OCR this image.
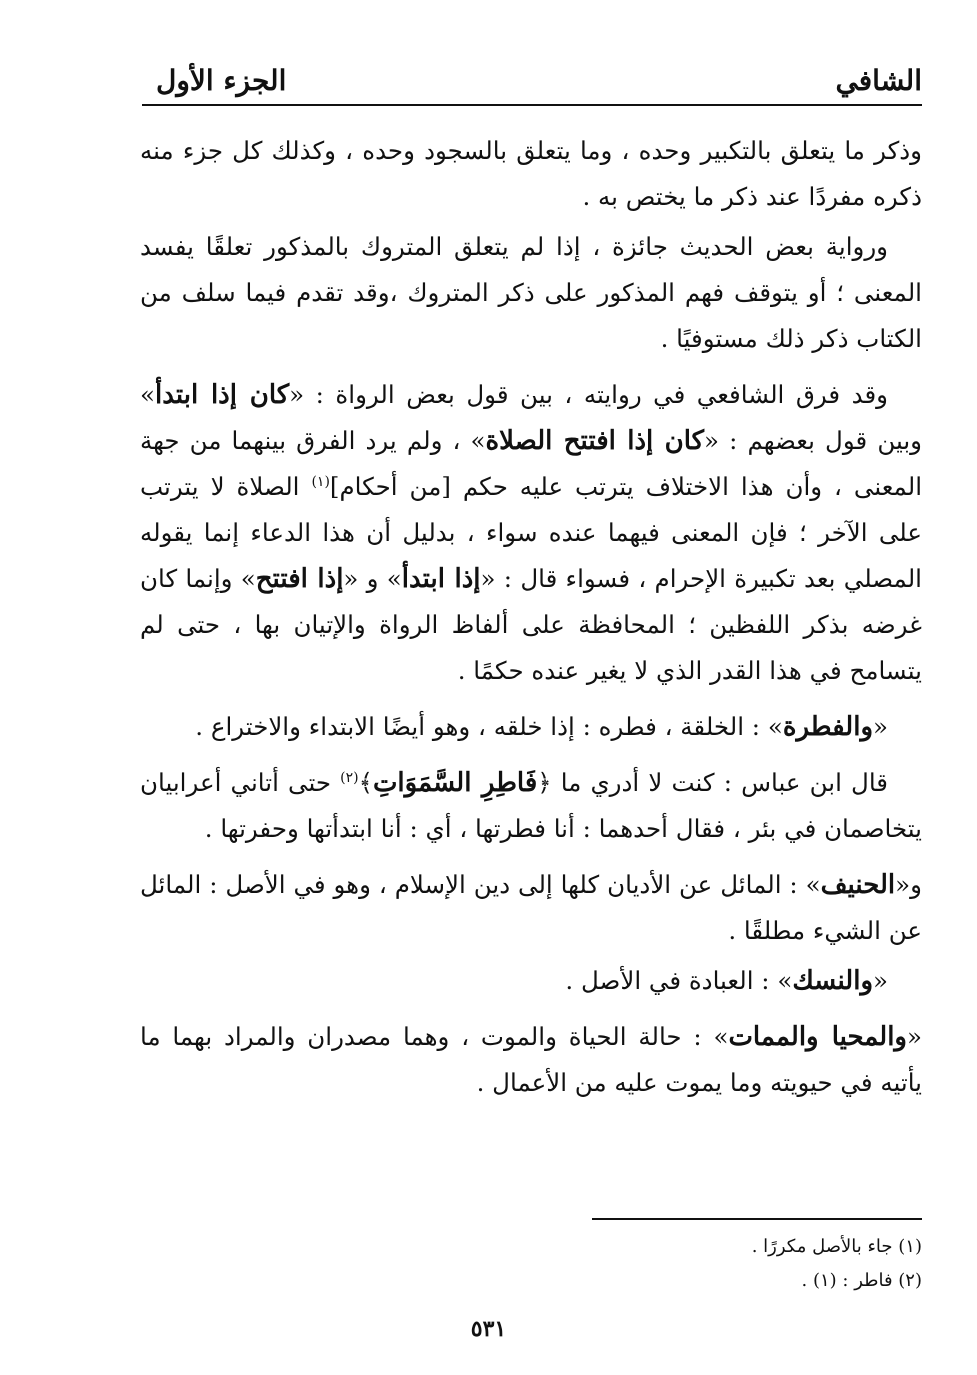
الشافي
الجزء الأول

وذكر ما يتعلق بالتكبير وحده ، وما يتعلق بالسجود وحده ، وكذلك كل جزء منه ذكره مفردًا عند ذكر ما يختص به .

ورواية بعض الحديث جائزة ، إذا لم يتعلق المتروك بالمذكور تعلقًا يفسد المعنى ؛ أو يتوقف فهم المذكور على ذكر المتروك ،وقد تقدم فيما سلف من الكتاب ذكر ذلك مستوفيًا .

وقد فرق الشافعي في روايته ، بين قول بعض الرواة : «كان إذا ابتدأ» وبين قول بعضهم : «كان إذا افتتح الصلاة» ، ولم يرد الفرق بينهما من جهة المعنى ، وأن هذا الاختلاف يترتب عليه حكم [من أحكام]$^{(١)}$ الصلاة لا يترتب على الآخر ؛ فإن المعنى فيهما عنده سواء ، بدليل أن هذا الدعاء إنما يقوله المصلي بعد تكبيرة الإحرام ، فسواء قال : «إذا ابتدأ» و «إذا افتتح» وإنما كان غرضه بذكر اللفظين ؛ المحافظة على ألفاظ الرواة والإتيان بها ، حتى لم يتسامح في هذا القدر الذي لا يغير عنده حكمًا .

«والفطرة» : الخلقة ، فطره : إذا خلقه ، وهو أيضًا الابتداء والاختراع .

قال ابن عباس : كنت لا أدري ما ﴿فَاطِرِ السَّمَوَاتِ﴾$^{(٢)}$ حتى أتاني أعرابيان يتخاصمان في بئر ، فقال أحدهما : أنا فطرتها ، أي : أنا ابتدأتها وحفرتها .

و«الحنيف» : المائل عن الأديان كلها إلى دين الإسلام ، وهو في الأصل : المائل عن الشيء مطلقًا .

«والنسك» : العبادة في الأصل .

«والمحيا والممات» : حالة الحياة والموت ، وهما مصدران والمراد بهما ما يأتيه في حيويته وما يموت عليه من الأعمال .

(١) جاء بالأصل مكررًا .
(٢) فاطر : (١) .
٥٣١
